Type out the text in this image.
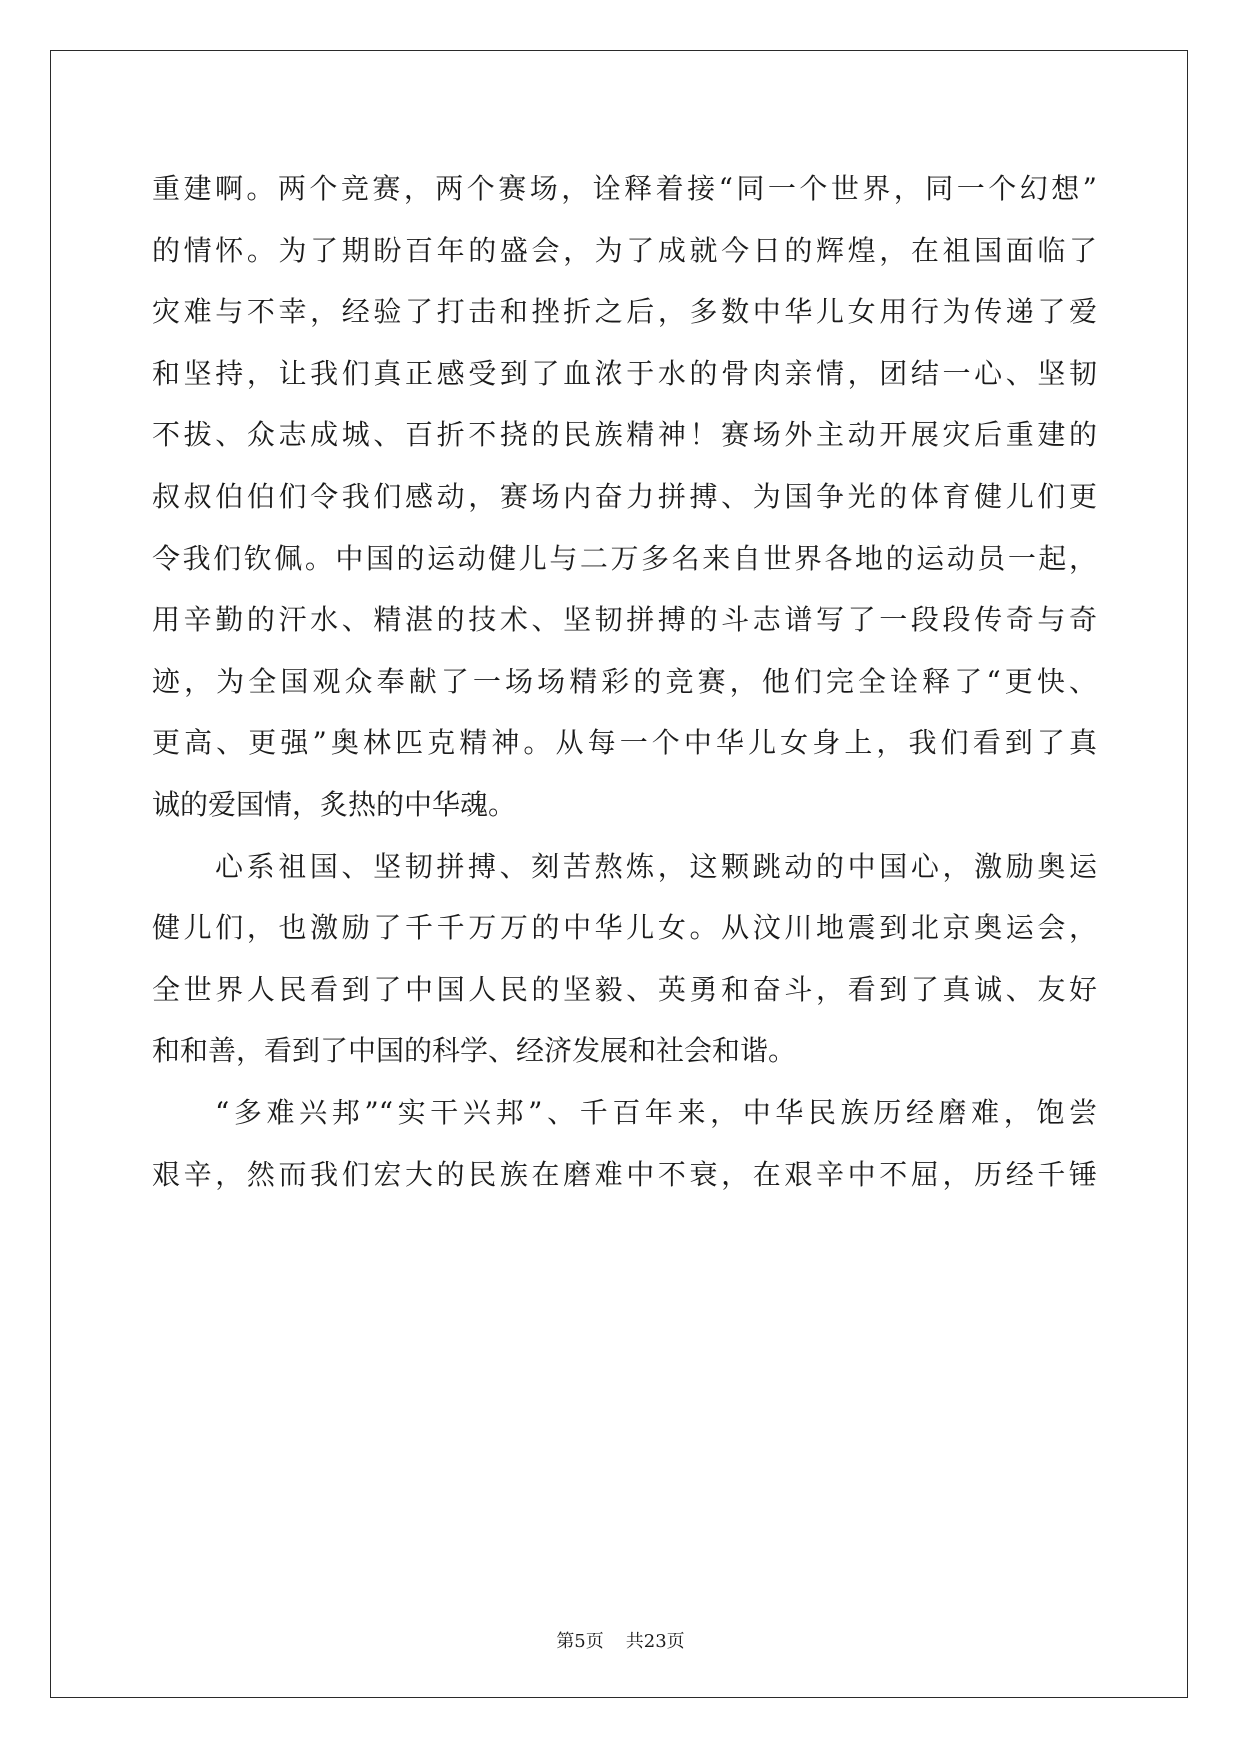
重建啊。两个竞赛，两个赛场，诠释着接“同一个世界，同一个幻想”
的情怀。为了期盼百年的盛会，为了成就今日的辉煌，在祖国面临了
灾难与不幸，经验了打击和挫折之后，多数中华儿女用行为传递了爱
和坚持，让我们真正感受到了血浓于水的骨肉亲情，团结一心、坚韧
不拔、众志成城、百折不挠的民族精神！赛场外主动开展灾后重建的
叔叔伯伯们令我们感动，赛场内奋力拼搏、为国争光的体育健儿们更
令我们钦佩。中国的运动健儿与二万多名来自世界各地的运动员一起，
用辛勤的汗水、精湛的技术、坚韧拼搏的斗志谱写了一段段传奇与奇
迹，为全国观众奉献了一场场精彩的竞赛，他们完全诠释了“更快、
更高、更强”奥林匹克精神。从每一个中华儿女身上，我们看到了真
诚的爱国情，炙热的中华魂。
心系祖国、坚韧拼搏、刻苦熬炼，这颗跳动的中国心，激励奥运
健儿们，也激励了千千万万的中华儿女。从汶川地震到北京奥运会，
全世界人民看到了中国人民的坚毅、英勇和奋斗，看到了真诚、友好
和和善，看到了中国的科学、经济发展和社会和谐。
“多难兴邦”“实干兴邦”、千百年来，中华民族历经磨难，饱尝
艰辛，然而我们宏大的民族在磨难中不衰，在艰辛中不屈，历经千锤
第5页 共23页
